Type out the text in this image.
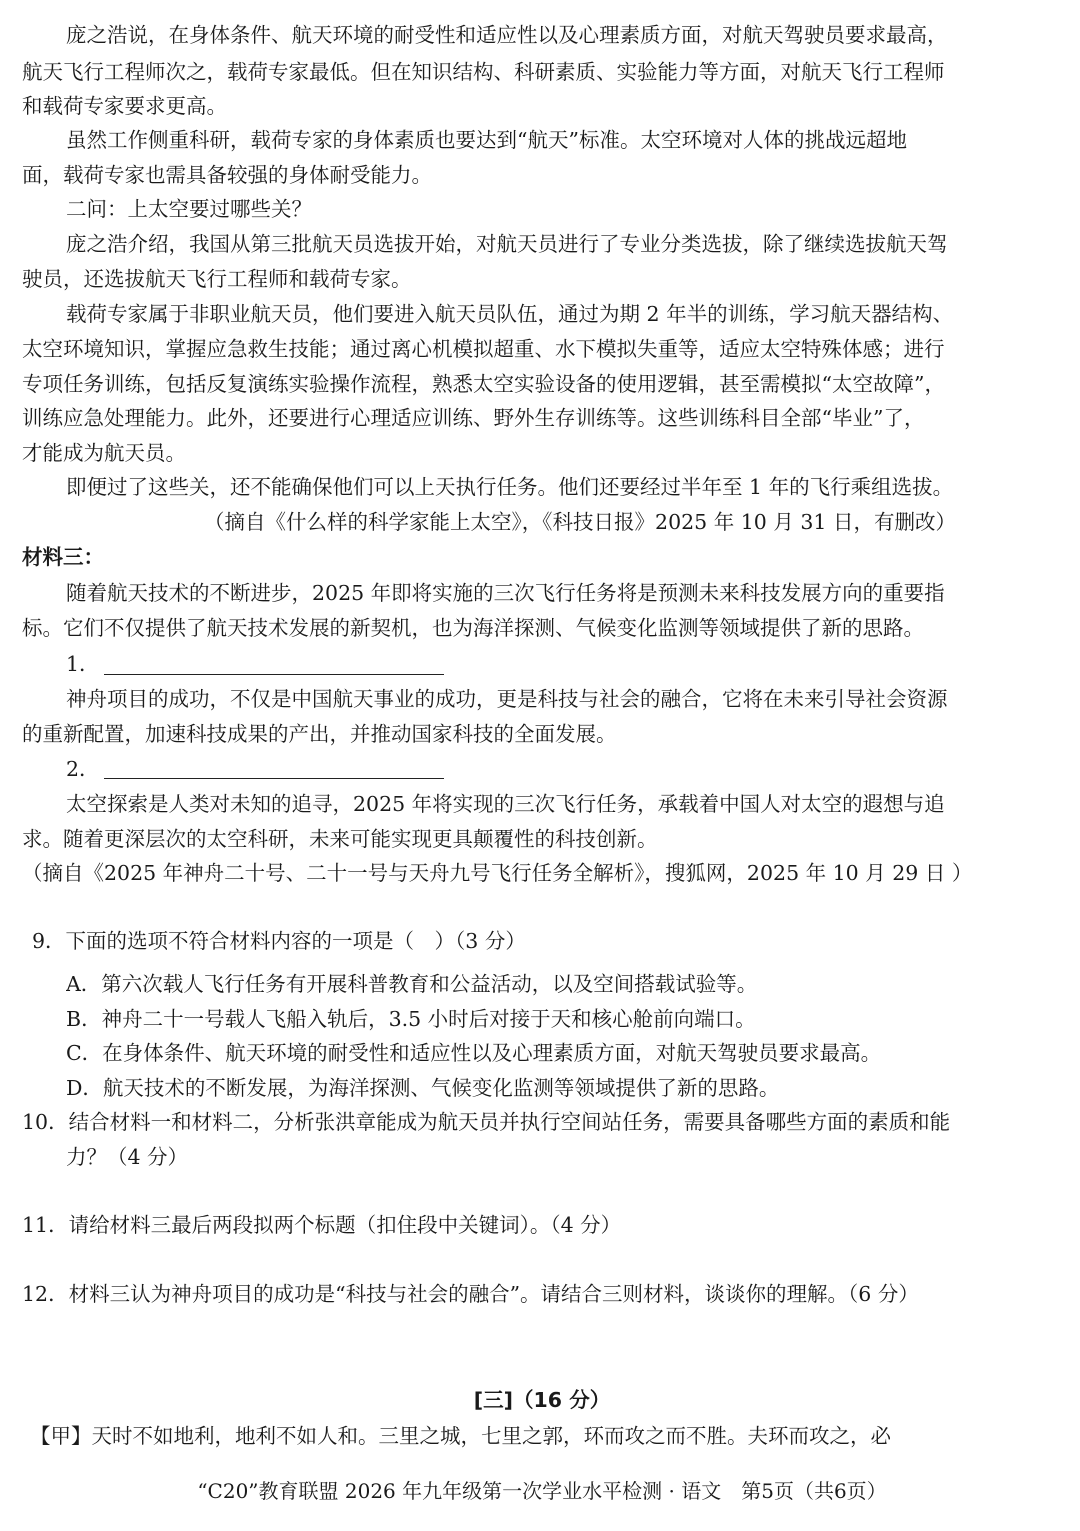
庞之浩说，在身体条件、航天环境的耐受性和适应性以及心理素质方面，对航天驾驶员要求最高，
航天飞行工程师次之，载荷专家最低。但在知识结构、科研素质、实验能力等方面，对航天飞行工程师
和载荷专家要求更高。
虽然工作侧重科研，载荷专家的身体素质也要达到“航天”标准。太空环境对人体的挑战远超地
面，载荷专家也需具备较强的身体耐受能力。
二问：上太空要过哪些关？
庞之浩介绍，我国从第三批航天员选拔开始，对航天员进行了专业分类选拔，除了继续选拔航天驾
驶员，还选拔航天飞行工程师和载荷专家。
载荷专家属于非职业航天员，他们要进入航天员队伍，通过为期 2 年半的训练，学习航天器结构、
太空环境知识，掌握应急救生技能；通过离心机模拟超重、水下模拟失重等，适应太空特殊体感；进行
专项任务训练，包括反复演练实验操作流程，熟悉太空实验设备的使用逻辑，甚至需模拟“太空故障”，
训练应急处理能力。此外，还要进行心理适应训练、野外生存训练等。这些训练科目全部“毕业”了，
才能成为航天员。
即便过了这些关，还不能确保他们可以上天执行任务。他们还要经过半年至 1 年的飞行乘组选拔。
（摘自《什么样的科学家能上太空》，《科技日报》2025 年 10 月 31 日，有删改）
材料三：
随着航天技术的不断进步，2025 年即将实施的三次飞行任务将是预测未来科技发展方向的重要指
标。它们不仅提供了航天技术发展的新契机，也为海洋探测、气候变化监测等领域提供了新的思路。
1．
神舟项目的成功，不仅是中国航天事业的成功，更是科技与社会的融合，它将在未来引导社会资源
的重新配置，加速科技成果的产出，并推动国家科技的全面发展。
2．
太空探索是人类对未知的追寻，2025 年将实现的三次飞行任务，承载着中国人对太空的遐想与追
求。随着更深层次的太空科研，未来可能实现更具颠覆性的科技创新。
（摘自《2025 年神舟二十号、二十一号与天舟九号飞行任务全解析》，搜狐网，2025 年 10 月 29 日 ）
9．下面的选项不符合 • • •材料内容的一项是（　）（3 分）
A．第六次载人飞行任务有开展科普教育和公益活动，以及空间搭载试验等。
B．神舟二十一号载人飞船入轨后，3.5 小时后对接于天和核心舱前向端口。
C．在身体条件、航天环境的耐受性和适应性以及心理素质方面，对航天驾驶员要求最高。
D．航天技术的不断发展，为海洋探测、气候变化监测等领域提供了新的思路。
10．结合材料一和材料二，分析张洪章能成为航天员并执行空间站任务，需要具备哪些方面的素质和能
力？（4 分）
11．请给材料三最后两段拟两个标题（扣住段中关键词）。（4 分）
12．材料三认为神舟项目的成功是“科技与社会的融合”。请结合三则材料，谈谈你的理解。（6 分）
[三]（16 分）
【甲】天时不如地利，地利不如人和。三里之城，七里之郭，环而攻之而不胜。夫环而攻之，必
“C20”教育联盟 2026 年九年级第一次学业水平检测 · 语文　第5页（共6页）
